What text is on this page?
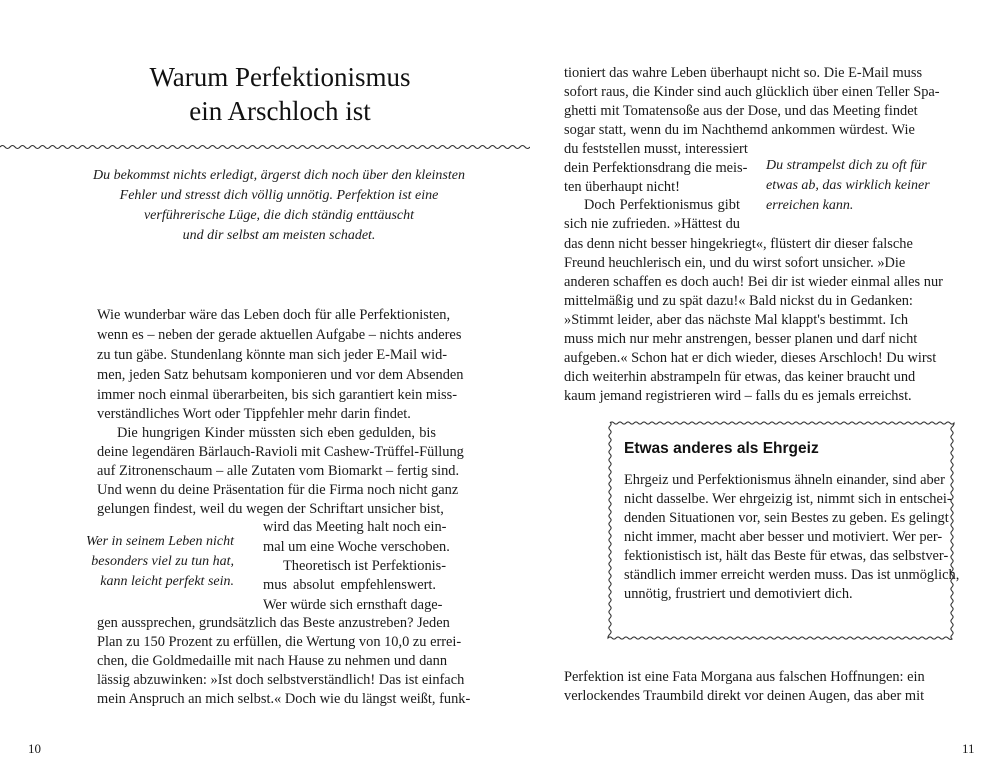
Warum Perfektionismus
ein Arschloch ist
Du bekommst nichts erledigt, ärgerst dich noch über den kleinsten
Fehler und stresst dich völlig unnötig. Perfektion ist eine
verführerische Lüge, die dich ständig enttäuscht
und dir selbst am meisten schadet.
Wie wunderbar wäre das Leben doch für alle Perfektionisten,
wenn es – neben der gerade aktuellen Aufgabe – nichts anderes
zu tun gäbe. Stundenlang könnte man sich jeder E-Mail wid-
men, jeden Satz behutsam komponieren und vor dem Absenden
immer noch einmal überarbeiten, bis sich garantiert kein miss-
verständliches Wort oder Tippfehler mehr darin findet.
Die hungrigen Kinder müssten sich eben gedulden, bis
deine legendären Bärlauch-Ravioli mit Cashew-Trüffel-Füllung
auf Zitronenschaum – alle Zutaten vom Biomarkt – fertig sind.
Und wenn du deine Präsentation für die Firma noch nicht ganz
gelungen findest, weil du wegen der Schriftart unsicher bist,
wird das Meeting halt noch ein-
mal um eine Woche verschoben.
Theoretisch ist Perfektionis-
mus absolut empfehlenswert.
Wer würde sich ernsthaft dage-
gen aussprechen, grundsätzlich das Beste anzustreben? Jeden
Plan zu 150 Prozent zu erfüllen, die Wertung von 10,0 zu errei-
chen, die Goldmedaille mit nach Hause zu nehmen und dann
lässig abzuwinken: »Ist doch selbstverständlich! Das ist einfach
mein Anspruch an mich selbst.« Doch wie du längst weißt, funk-
Wer in seinem Leben nicht
besonders viel zu tun hat,
kann leicht perfekt sein.
10
tioniert das wahre Leben überhaupt nicht so. Die E-Mail muss
sofort raus, die Kinder sind auch glücklich über einen Teller Spa-
ghetti mit Tomatensoße aus der Dose, und das Meeting findet
sogar statt, wenn du im Nachthemd ankommen würdest. Wie
du feststellen musst, interessiert
dein Perfektionsdrang die meis-
ten überhaupt nicht!
Doch Perfektionismus gibt
sich nie zufrieden. »Hättest du
das denn nicht besser hingekriegt«, flüstert dir dieser falsche
Freund heuchlerisch ein, und du wirst sofort unsicher. »Die
anderen schaffen es doch auch! Bei dir ist wieder einmal alles nur
mittelmäßig und zu spät dazu!« Bald nickst du in Gedanken:
»Stimmt leider, aber das nächste Mal klappt's bestimmt. Ich
muss mich nur mehr anstrengen, besser planen und darf nicht
aufgeben.« Schon hat er dich wieder, dieses Arschloch! Du wirst
dich weiterhin abstrampeln für etwas, das keiner braucht und
kaum jemand registrieren wird – falls du es jemals erreichst.
Du strampelst dich zu oft für
etwas ab, das wirklich keiner
erreichen kann.
Etwas anderes als Ehrgeiz
Ehrgeiz und Perfektionismus ähneln einander, sind aber
nicht dasselbe. Wer ehrgeizig ist, nimmt sich in entschei-
denden Situationen vor, sein Bestes zu geben. Es gelingt
nicht immer, macht aber besser und motiviert. Wer per-
fektionistisch ist, hält das Beste für etwas, das selbstver-
ständlich immer erreicht werden muss. Das ist unmöglich,
unnötig, frustriert und demotiviert dich.
Perfektion ist eine Fata Morgana aus falschen Hoffnungen: ein
verlockendes Traumbild direkt vor deinen Augen, das aber mit
11
